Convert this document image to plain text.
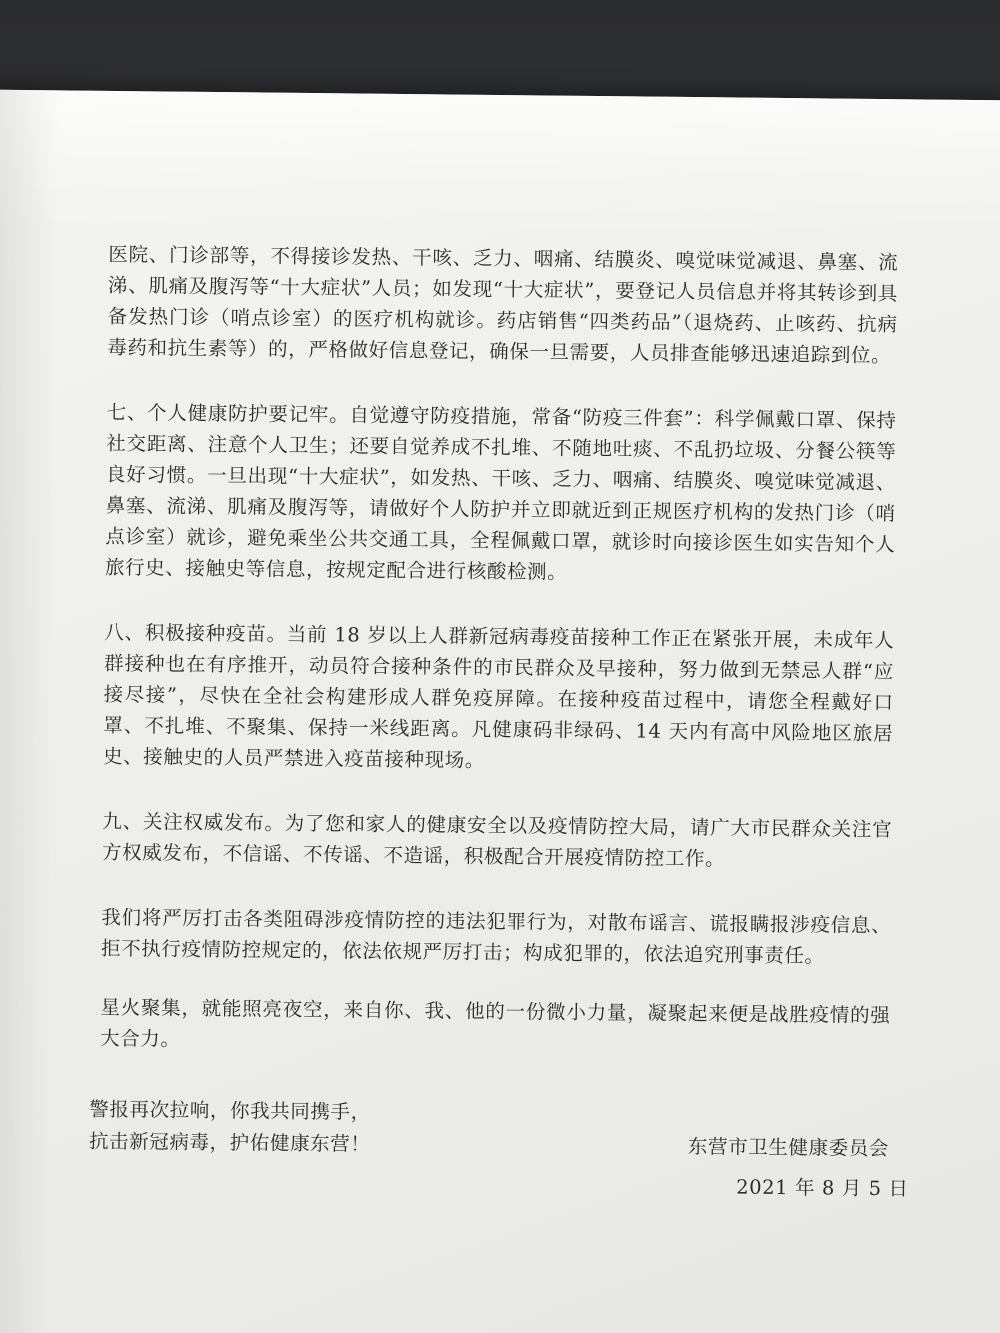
医院、门诊部等，不得接诊发热、干咳、乏力、咽痛、结膜炎、嗅觉味觉减退、鼻塞、流涕、肌痛及腹泻等“十大症状”人员；如发现“十大症状”，要登记人员信息并将其转诊到具备发热门诊（哨点诊室）的医疗机构就诊。药店销售“四类药品”（退烧药、止咳药、抗病毒药和抗生素等）的，严格做好信息登记，确保一旦需要，人员排查能够迅速追踪到位。

七、个人健康防护要记牢。自觉遵守防疫措施，常备“防疫三件套”：科学佩戴口罩、保持社交距离、注意个人卫生；还要自觉养成不扎堆、不随地吐痰、不乱扔垃圾、分餐公筷等良好习惯。一旦出现“十大症状”，如发热、干咳、乏力、咽痛、结膜炎、嗅觉味觉减退、鼻塞、流涕、肌痛及腹泻等，请做好个人防护并立即就近到正规医疗机构的发热门诊（哨点诊室）就诊，避免乘坐公共交通工具，全程佩戴口罩，就诊时向接诊医生如实告知个人旅行史、接触史等信息，按规定配合进行核酸检测。

八、积极接种疫苗。当前 18 岁以上人群新冠病毒疫苗接种工作正在紧张开展，未成年人群接种也在有序推开，动员符合接种条件的市民群众及早接种，努力做到无禁忌人群“应接尽接”，尽快在全社会构建形成人群免疫屏障。在接种疫苗过程中，请您全程戴好口罩、不扎堆、不聚集、保持一米线距离。凡健康码非绿码、14 天内有高中风险地区旅居史、接触史的人员严禁进入疫苗接种现场。

九、关注权威发布。为了您和家人的健康安全以及疫情防控大局，请广大市民群众关注官方权威发布，不信谣、不传谣、不造谣，积极配合开展疫情防控工作。

我们将严厉打击各类阻碍涉疫情防控的违法犯罪行为，对散布谣言、谎报瞒报涉疫信息、拒不执行疫情防控规定的，依法依规严厉打击；构成犯罪的，依法追究刑事责任。

星火聚集，就能照亮夜空，来自你、我、他的一份微小力量，凝聚起来便是战胜疫情的强大合力。

警报再次拉响，你我共同携手，

抗击新冠病毒，护佑健康东营！	东营市卫生健康委员会
2021 年 8 月 5 日
